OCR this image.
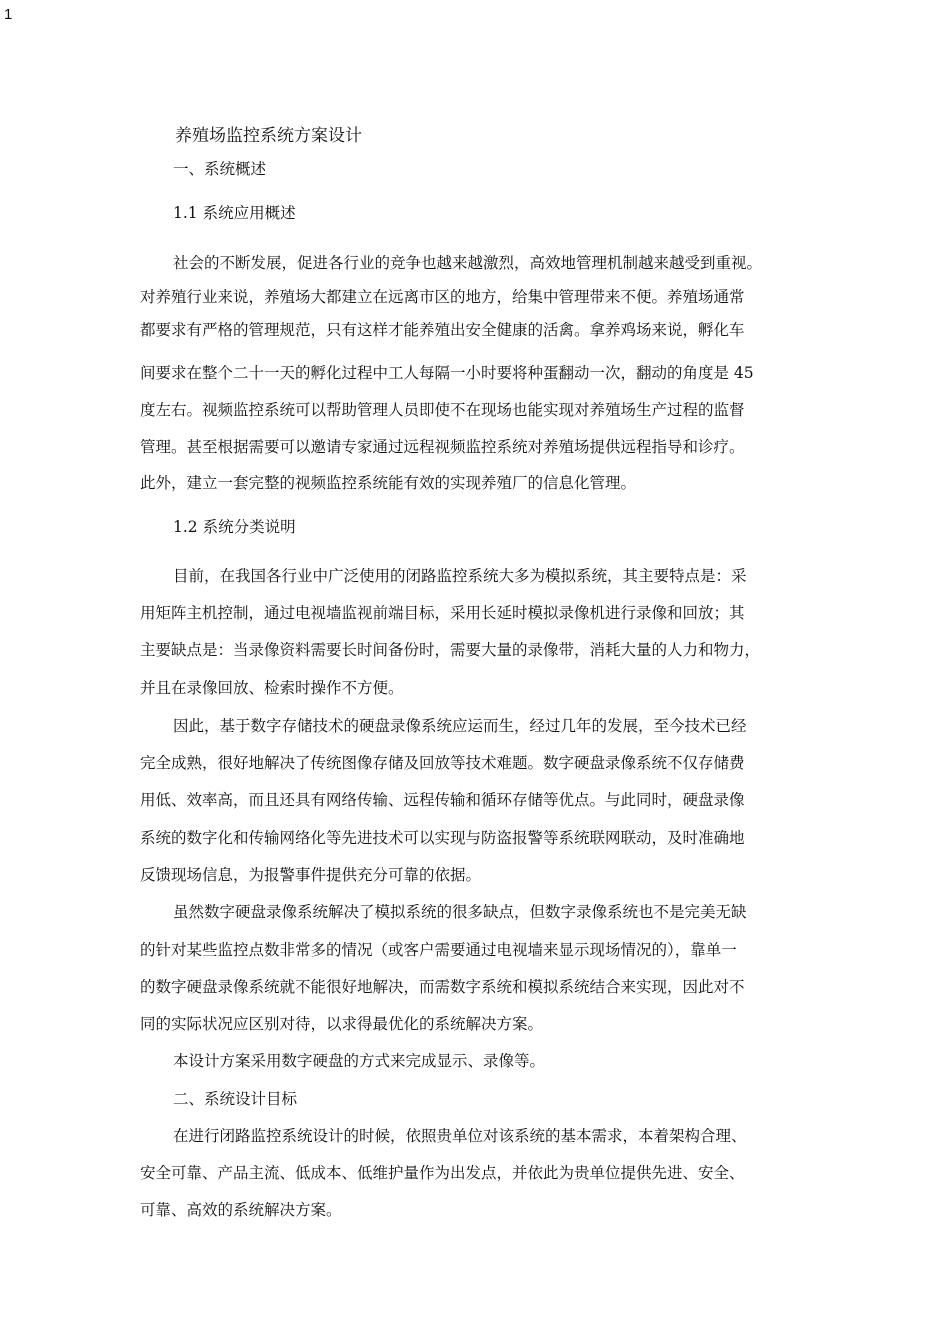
1
养殖场监控系统方案设计
一、系统概述
1.1 系统应用概述
社会的不断发展，促进各行业的竞争也越来越激烈，高效地管理机制越来越受到重视。
对养殖行业来说，养殖场大都建立在远离市区的地方，给集中管理带来不便。养殖场通常
都要求有严格的管理规范，只有这样才能养殖出安全健康的活禽。拿养鸡场来说，孵化车
间要求在整个二十一天的孵化过程中工人每隔一小时要将种蛋翻动一次，翻动的角度是 45
度左右。视频监控系统可以帮助管理人员即使不在现场也能实现对养殖场生产过程的监督
管理。甚至根据需要可以邀请专家通过远程视频监控系统对养殖场提供远程指导和诊疗。
此外，建立一套完整的视频监控系统能有效的实现养殖厂的信息化管理。
1.2 系统分类说明
目前，在我国各行业中广泛使用的闭路监控系统大多为模拟系统，其主要特点是：采
用矩阵主机控制，通过电视墙监视前端目标，采用长延时模拟录像机进行录像和回放；其
主要缺点是：当录像资料需要长时间备份时，需要大量的录像带，消耗大量的人力和物力，
并且在录像回放、检索时操作不方便。
因此，基于数字存储技术的硬盘录像系统应运而生，经过几年的发展，至今技术已经
完全成熟，很好地解决了传统图像存储及回放等技术难题。数字硬盘录像系统不仅存储费
用低、效率高，而且还具有网络传输、远程传输和循环存储等优点。与此同时，硬盘录像
系统的数字化和传输网络化等先进技术可以实现与防盗报警等系统联网联动，及时准确地
反馈现场信息，为报警事件提供充分可靠的依据。
虽然数字硬盘录像系统解决了模拟系统的很多缺点，但数字录像系统也不是完美无缺
的针对某些监控点数非常多的情况（或客户需要通过电视墙来显示现场情况的），靠单一
的数字硬盘录像系统就不能很好地解决，而需数字系统和模拟系统结合来实现，因此对不
同的实际状况应区别对待，以求得最优化的系统解决方案。
本设计方案采用数字硬盘的方式来完成显示、录像等。
二、系统设计目标
在进行闭路监控系统设计的时候，依照贵单位对该系统的基本需求，本着架构合理、
安全可靠、产品主流、低成本、低维护量作为出发点，并依此为贵单位提供先进、安全、
可靠、高效的系统解决方案。
